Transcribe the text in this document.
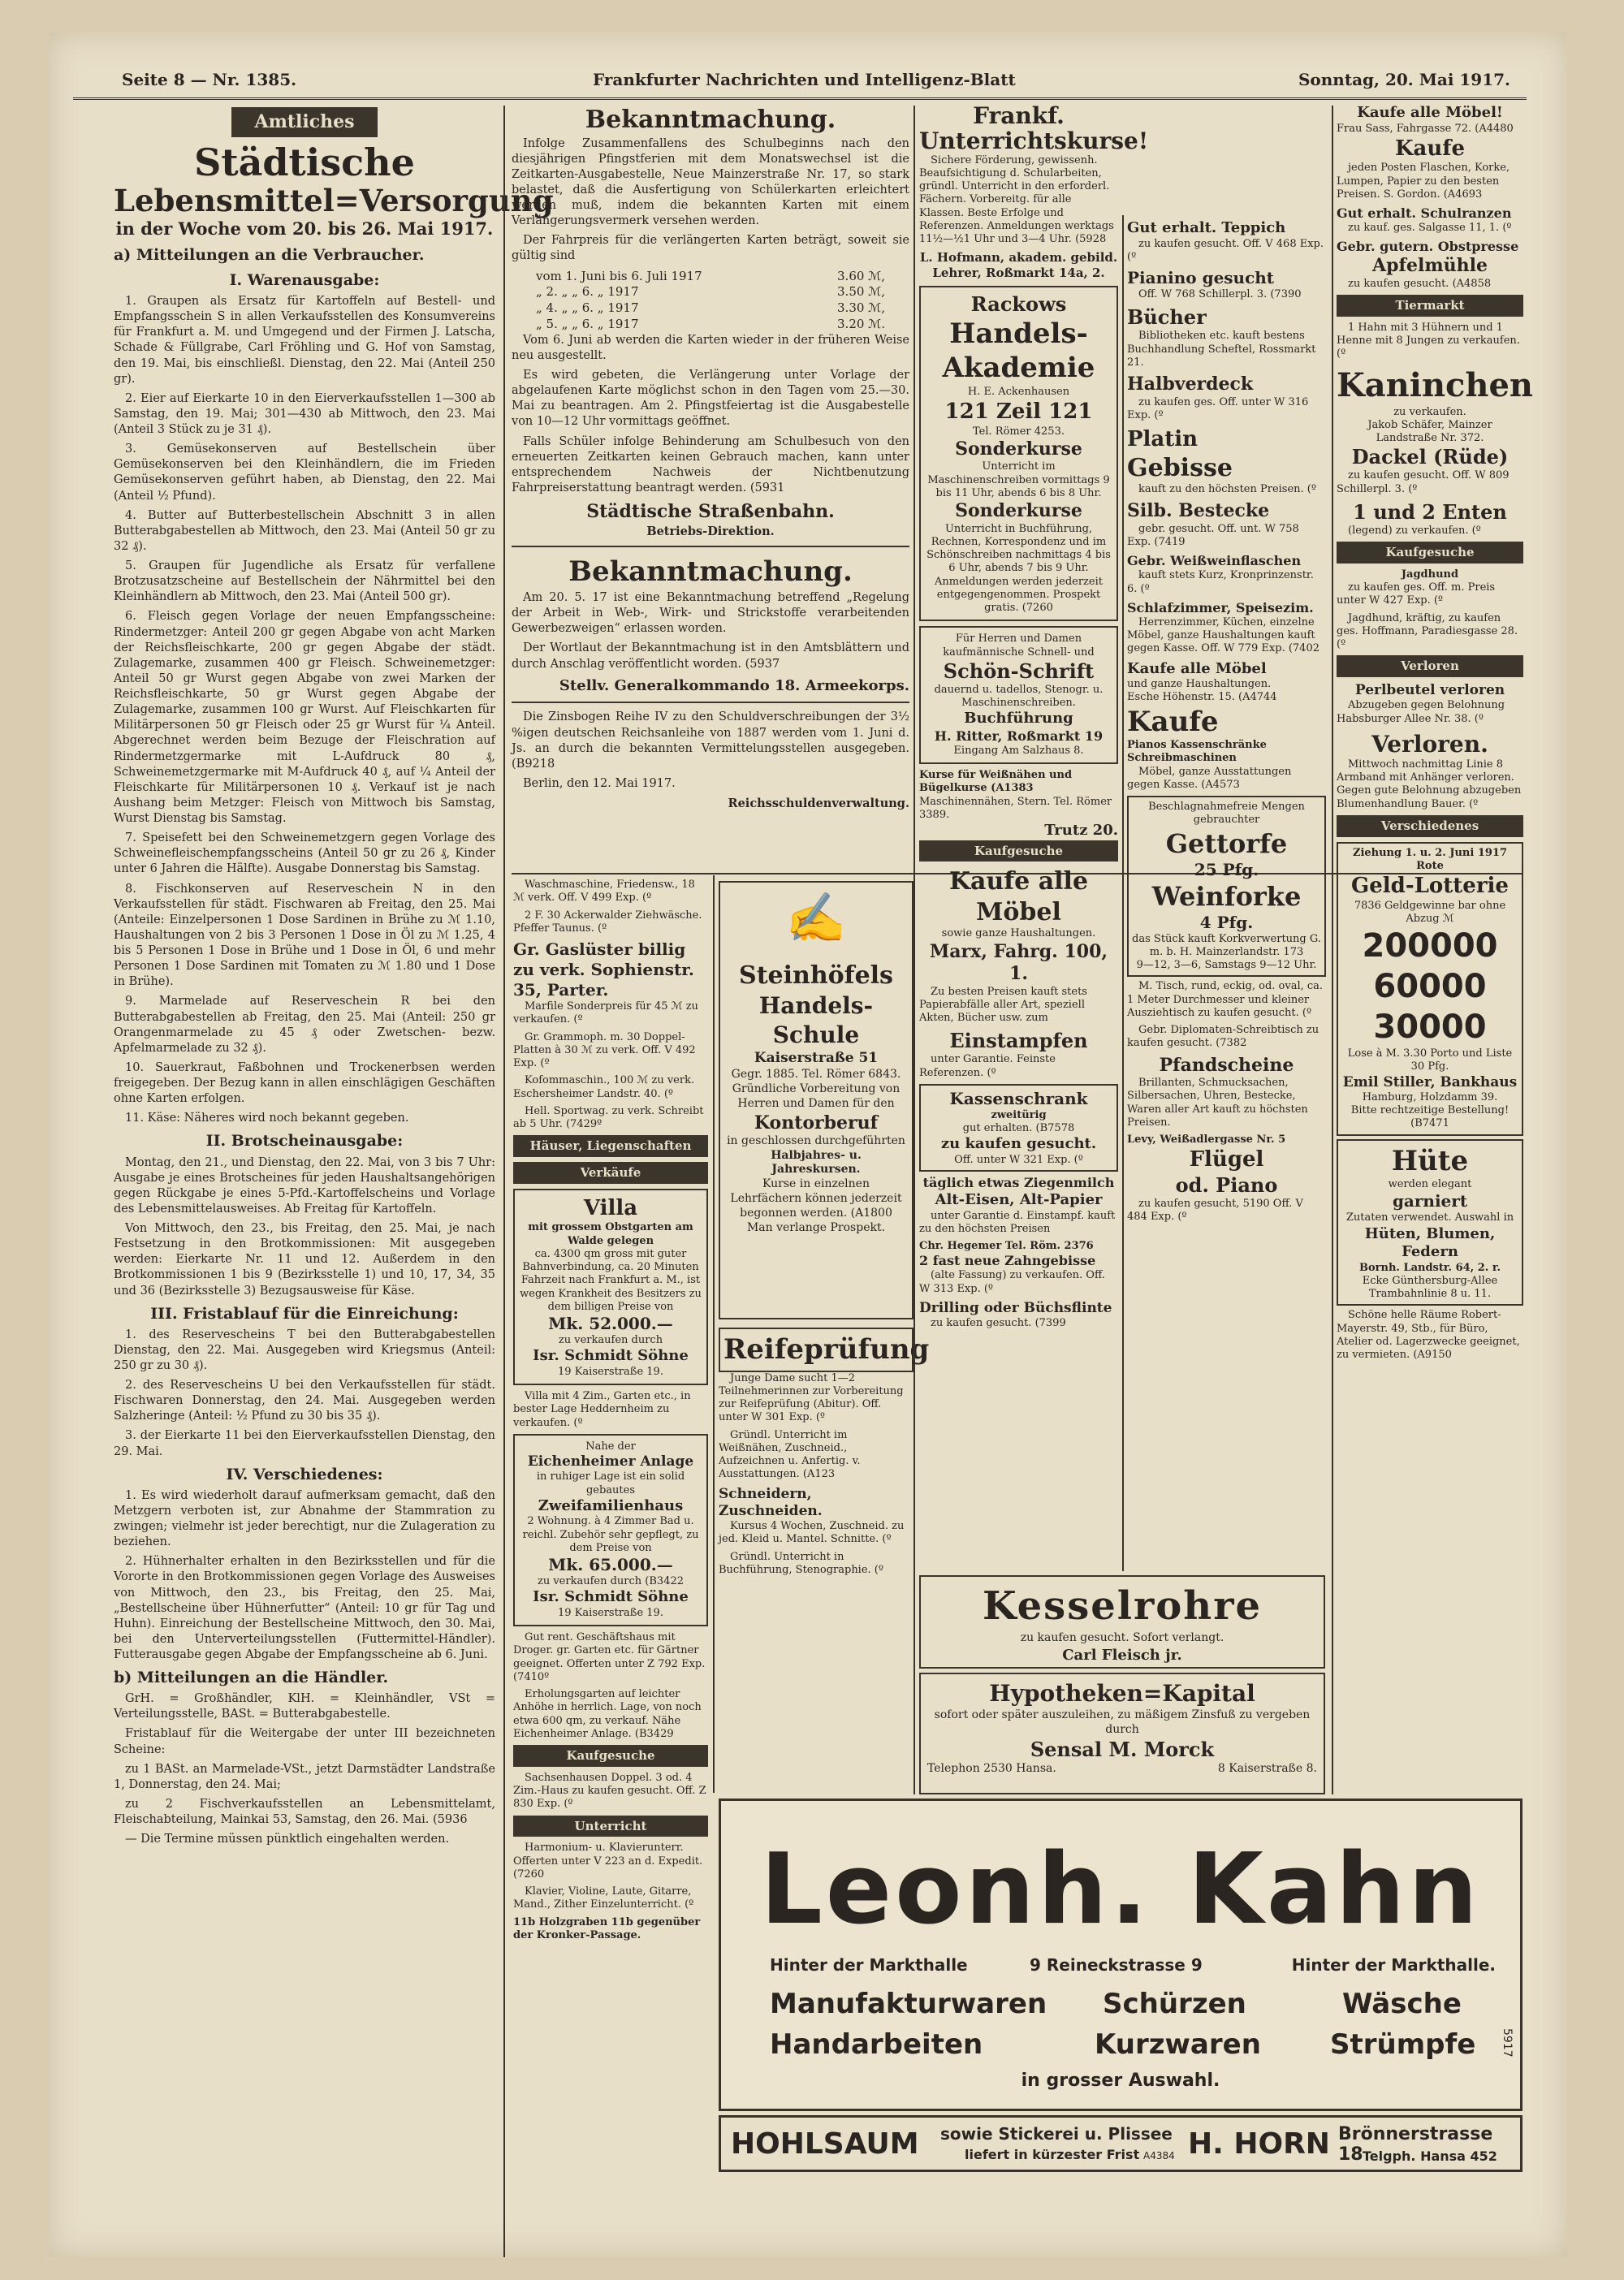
Seite 8 — Nr. 1385.	Frankfurter Nachrichten und Intelligenz-Blatt	Sonntag, 20. Mai 1917.
Amtliches
Städtische
Lebensmittel=Versorgung
in der Woche vom 20. bis 26. Mai 1917.
a) Mitteilungen an die Verbraucher.
I. Warenausgabe:

1. Graupen als Ersatz für Kartoffeln auf Bestell- und Empfangsschein S in allen Verkaufsstellen des Konsumvereins für Frankfurt a. M. und Umgegend und der Firmen J. Latscha, Schade & Füllgrabe, Carl Fröhling und G. Hof von Samstag, den 19. Mai, bis einschließl. Dienstag, den 22. Mai (Anteil 250 gr).

2. Eier auf Eierkarte 10 in den Eierverkaufsstellen 1—300 ab Samstag, den 19. Mai; 301—430 ab Mittwoch, den 23. Mai (Anteil 3 Stück zu je 31 ₰).

3. Gemüsekonserven auf Bestellschein über Gemüsekonserven bei den Kleinhändlern, die im Frieden Gemüsekonserven geführt haben, ab Dienstag, den 22. Mai (Anteil ½ Pfund).

4. Butter auf Butterbestellschein Abschnitt 3 in allen Butterabgabestellen ab Mittwoch, den 23. Mai (Anteil 50 gr zu 32 ₰).

5. Graupen für Jugendliche als Ersatz für verfallene Brotzusatzscheine auf Bestellschein der Nährmittel bei den Kleinhändlern ab Mittwoch, den 23. Mai (Anteil 500 gr).

6. Fleisch gegen Vorlage der neuen Empfangsscheine: Rindermetzger: Anteil 200 gr gegen Abgabe von acht Marken der Reichsfleischkarte, 200 gr gegen Abgabe der städt. Zulagemarke, zusammen 400 gr Fleisch. Schweinemetzger: Anteil 50 gr Wurst gegen Abgabe von zwei Marken der Reichsfleischkarte, 50 gr Wurst gegen Abgabe der Zulagemarke, zusammen 100 gr Wurst. Auf Fleischkarten für Militärpersonen 50 gr Fleisch oder 25 gr Wurst für ¼ Anteil. Abgerechnet werden beim Bezuge der Fleischration auf Rindermetzgermarke mit L-Aufdruck 80 ₰, Schweinemetzgermarke mit M-Aufdruck 40 ₰, auf ¼ Anteil der Fleischkarte für Militärpersonen 10 ₰. Verkauf ist je nach Aushang beim Metzger: Fleisch von Mittwoch bis Samstag, Wurst Dienstag bis Samstag.

7. Speisefett bei den Schweinemetzgern gegen Vorlage des Schweinefleischempfangsscheins (Anteil 50 gr zu 26 ₰, Kinder unter 6 Jahren die Hälfte). Ausgabe Donnerstag bis Samstag.

8. Fischkonserven auf Reserveschein N in den Verkaufsstellen für städt. Fischwaren ab Freitag, den 25. Mai (Anteile: Einzelpersonen 1 Dose Sardinen in Brühe zu ℳ 1.10, Haushaltungen von 2 bis 3 Personen 1 Dose in Öl zu ℳ 1.25, 4 bis 5 Personen 1 Dose in Brühe und 1 Dose in Öl, 6 und mehr Personen 1 Dose Sardinen mit Tomaten zu ℳ 1.80 und 1 Dose in Brühe).

9. Marmelade auf Reserveschein R bei den Butterabgabestellen ab Freitag, den 25. Mai (Anteil: 250 gr Orangenmarmelade zu 45 ₰ oder Zwetschen- bezw. Apfelmarmelade zu 32 ₰).

10. Sauerkraut, Faßbohnen und Trockenerbsen werden freigegeben. Der Bezug kann in allen einschlägigen Geschäften ohne Karten erfolgen.

11. Käse: Näheres wird noch bekannt gegeben.

II. Brotscheinausgabe:

Montag, den 21., und Dienstag, den 22. Mai, von 3 bis 7 Uhr: Ausgabe je eines Brotscheines für jeden Haushaltsangehörigen gegen Rückgabe je eines 5-Pfd.-Kartoffelscheins und Vorlage des Lebensmittelausweises. Ab Freitag für Kartoffeln.

Von Mittwoch, den 23., bis Freitag, den 25. Mai, je nach Festsetzung in den Brotkommissionen: Mit ausgegeben werden: Eierkarte Nr. 11 und 12. Außerdem in den Brotkommissionen 1 bis 9 (Bezirksstelle 1) und 10, 17, 34, 35 und 36 (Bezirksstelle 3) Bezugsausweise für Käse.

III. Fristablauf für die Einreichung:

1. des Reservescheins T bei den Butterabgabestellen Dienstag, den 22. Mai. Ausgegeben wird Kriegsmus (Anteil: 250 gr zu 30 ₰).

2. des Reservescheins U bei den Verkaufsstellen für städt. Fischwaren Donnerstag, den 24. Mai. Ausgegeben werden Salzheringe (Anteil: ½ Pfund zu 30 bis 35 ₰).

3. der Eierkarte 11 bei den Eierverkaufsstellen Dienstag, den 29. Mai.

IV. Verschiedenes:

1. Es wird wiederholt darauf aufmerksam gemacht, daß den Metzgern verboten ist, zur Abnahme der Stammration zu zwingen; vielmehr ist jeder berechtigt, nur die Zulageration zu beziehen.

2. Hühnerhalter erhalten in den Bezirksstellen und für die Vororte in den Brotkommissionen gegen Vorlage des Ausweises von Mittwoch, den 23., bis Freitag, den 25. Mai, „Bestellscheine über Hühnerfutter“ (Anteil: 10 gr für Tag und Huhn). Einreichung der Bestellscheine Mittwoch, den 30. Mai, bei den Unterverteilungsstellen (Futtermittel-Händler). Futterausgabe gegen Abgabe der Empfangsscheine ab 6. Juni.

b) Mitteilungen an die Händler.

GrH. = Großhändler, KlH. = Kleinhändler, VSt = Verteilungsstelle, BASt. = Butterabgabestelle.

Fristablauf für die Weitergabe der unter III bezeichneten Scheine:

zu 1 BASt. an Marmelade-VSt., jetzt Darmstädter Landstraße 1, Donnerstag, den 24. Mai;

zu 2 Fischverkaufsstellen an Lebensmittelamt, Fleischabteilung, Mainkai 53, Samstag, den 26. Mai. (5936

— Die Termine müssen pünktlich eingehalten werden.

Bekanntmachung.

Infolge Zusammenfallens des Schulbeginns nach den diesjährigen Pfingstferien mit dem Monatswechsel ist die Zeitkarten-Ausgabestelle, Neue Mainzerstraße Nr. 17, so stark belastet, daß die Ausfertigung von Schülerkarten erleichtert werden muß, indem die bekannten Karten mit einem Verlängerungsvermerk versehen werden.

Der Fahrpreis für die verlängerten Karten beträgt, soweit sie gültig sind

vom 1. Juni bis 6. Juli 1917	3.60 ℳ,
„ 2. „ „ 6. „ 1917	3.50 ℳ,
„ 4. „ „ 6. „ 1917	3.30 ℳ,
„ 5. „ „ 6. „ 1917	3.20 ℳ.

Vom 6. Juni ab werden die Karten wieder in der früheren Weise neu ausgestellt.

Es wird gebeten, die Verlängerung unter Vorlage der abgelaufenen Karte möglichst schon in den Tagen vom 25.—30. Mai zu beantragen. Am 2. Pfingstfeiertag ist die Ausgabestelle von 10—12 Uhr vormittags geöffnet.

Falls Schüler infolge Behinderung am Schulbesuch von den erneuerten Zeitkarten keinen Gebrauch machen, kann unter entsprechendem Nachweis der Nichtbenutzung Fahrpreiserstattung beantragt werden. (5931

Städtische Straßenbahn.
Betriebs-Direktion.
Bekanntmachung.

Am 20. 5. 17 ist eine Bekanntmachung betreffend „Regelung der Arbeit in Web-, Wirk- und Strickstoffe verarbeitenden Gewerbezweigen“ erlassen worden.

Der Wortlaut der Bekanntmachung ist in den Amtsblättern und durch Anschlag veröffentlicht worden. (5937

Stellv. Generalkommando 18. Armeekorps.

Die Zinsbogen Reihe IV zu den Schuldverschreibungen der 3½ %igen deutschen Reichsanleihe von 1887 werden vom 1. Juni d. Js. an durch die bekannten Vermittelungsstellen ausgegeben. (B9218

Berlin, den 12. Mai 1917.

Reichsschuldenverwaltung.

Waschmaschine, Friedensw., 18 ℳ verk. Off. V 499 Exp. (º

2 F. 30 Ackerwalder Ziehwäsche. Pfeffer Taunus. (º

Gr. Gaslüster billig zu verk. Sophienstr. 35, Parter.

Marfile Sonderpreis für 45 ℳ zu verkaufen. (º

Gr. Grammoph. m. 30 Doppel-Platten à 30 ℳ zu verk. Off. V 492 Exp. (º

Kofommaschin., 100 ℳ zu verk. Eschersheimer Landstr. 40. (º

Hell. Sportwag. zu verk. Schreibt ab 5 Uhr. (7429º

Häuser, Liegenschaften
Verkäufe
Villa
mit grossem Obstgarten am Walde gelegen
ca. 4300 qm gross mit guter Bahnverbindung, ca. 20 Minuten Fahrzeit nach Frankfurt a. M., ist wegen Krankheit des Besitzers zu dem billigen Preise von
Mk. 52.000.—
zu verkaufen durch
Isr. Schmidt Söhne
19 Kaiserstraße 19.

Villa mit 4 Zim., Garten etc., in bester Lage Heddernheim zu verkaufen. (º

Nahe der
Eichenheimer Anlage
in ruhiger Lage ist ein solid gebautes
Zweifamilienhaus
2 Wohnung. à 4 Zimmer Bad u. reichl. Zubehör sehr gepflegt, zu dem Preise von
Mk. 65.000.—
zu verkaufen durch (B3422
Isr. Schmidt Söhne
19 Kaiserstraße 19.

Gut rent. Geschäftshaus mit Droger. gr. Garten etc. für Gärtner geeignet. Offerten unter Z 792 Exp. (7410º

Erholungsgarten auf leichter Anhöhe in herrlich. Lage, von noch etwa 600 qm, zu verkauf. Nähe Eichenheimer Anlage. (B3429

Kaufgesuche

Sachsenhausen Doppel. 3 od. 4 Zim.-Haus zu kaufen gesucht. Off. Z 830 Exp. (º

Unterricht

Harmonium- u. Klavierunterr. Offerten unter V 223 an d. Expedit. (7260

Klavier, Violine, Laute, Gitarre, Mand., Zither Einzelunterricht. (º

11b Holzgraben 11b gegenüber der Kronker-Passage.
✍
Steinhöfels
Handels-Schule
Kaiserstraße 51
Gegr. 1885. Tel. Römer 6843. Gründliche Vorbereitung von Herren und Damen für den
Kontorberuf
in geschlossen durchgeführten
Halbjahres- u. Jahreskursen.
Kurse in einzelnen Lehrfächern können jederzeit begonnen werden. (A1800 Man verlange Prospekt.
Reifeprüfung

Junge Dame sucht 1—2 Teilnehmerinnen zur Vorbereitung zur Reifeprüfung (Abitur). Off. unter W 301 Exp. (º

Gründl. Unterricht im Weißnähen, Zuschneid., Aufzeichnen u. Anfertig. v. Ausstattungen. (A123

Schneidern, Zuschneiden.

Kursus 4 Wochen, Zuschneid. zu jed. Kleid u. Mantel. Schnitte. (º

Gründl. Unterricht in Buchführung, Stenographie. (º

Frankf. Unterrichtskurse!

Sichere Förderung, gewissenh. Beaufsichtigung d. Schularbeiten, gründl. Unterricht in den erforderl. Fächern. Vorbereitg. für alle Klassen. Beste Erfolge und Referenzen. Anmeldungen werktags 11½—½1 Uhr und 3—4 Uhr. (5928

L. Hofmann, akadem. gebild. Lehrer, Roßmarkt 14a, 2.
Rackows
Handels-
Akademie
H. E. Ackenhausen
121 Zeil 121
Tel. Römer 4253.
Sonderkurse
Unterricht im Maschinenschreiben vormittags 9 bis 11 Uhr, abends 6 bis 8 Uhr.
Sonderkurse
Unterricht in Buchführung, Rechnen, Korrespondenz und im Schönschreiben nachmittags 4 bis 6 Uhr, abends 7 bis 9 Uhr.
Anmeldungen werden jederzeit entgegengenommen. Prospekt gratis. (7260
Für Herren und Damen kaufmännische Schnell- und
Schön-Schrift
dauernd u. tadellos, Stenogr. u. Maschinenschreiben.
Buchführung
H. Ritter, Roßmarkt 19
Eingang Am Salzhaus 8.
Kurse für Weißnähen und Bügelkurse (A1383
Maschinennähen, Stern. Tel. Römer 3389.
Trutz 20.
Kaufgesuche
Kaufe alle Möbel
sowie ganze Haushaltungen.
Marx, Fahrg. 100, 1.

Zu besten Preisen kauft stets Papierabfälle aller Art, speziell Akten, Bücher usw. zum

Einstampfen

unter Garantie. Feinste Referenzen. (º

Kassenschrank
zweitürig
gut erhalten. (B7578
zu kaufen gesucht.
Off. unter W 321 Exp. (º
täglich etwas Ziegenmilch
Alt-Eisen, Alt-Papier

unter Garantie d. Einstampf. kauft zu den höchsten Preisen

Chr. Hegemer Tel. Röm. 2376
2 fast neue Zahngebisse

(alte Fassung) zu verkaufen. Off. W 313 Exp. (º

Drilling oder Büchsflinte

zu kaufen gesucht. (7399

Kesselrohre
zu kaufen gesucht. Sofort verlangt.
Carl Fleisch jr.
Hypotheken=Kapital
sofort oder später auszuleihen, zu mäßigem Zinsfuß zu vergeben durch
Sensal M. Morck
Telephon 2530 Hansa.	8 Kaiserstraße 8.
Gut erhalt. Teppich

zu kaufen gesucht. Off. V 468 Exp. (º

Pianino gesucht

Off. W 768 Schillerpl. 3. (7390

Bücher

Bibliotheken etc. kauft bestens Buchhandlung Scheftel, Rossmarkt 21.

Halbverdeck

zu kaufen ges. Off. unter W 316 Exp. (º

Platin
Gebisse

kauft zu den höchsten Preisen. (º

Silb. Bestecke

gebr. gesucht. Off. unt. W 758 Exp. (7419

Gebr. Weißweinflaschen

kauft stets Kurz, Kronprinzenstr. 6. (º

Schlafzimmer, Speisezim.

Herrenzimmer, Küchen, einzelne Möbel, ganze Haushaltungen kauft gegen Kasse. Off. W 779 Exp. (7402

Kaufe alle Möbel
und ganze Haushaltungen.
Esche Höhenstr. 15. (A4744
Kaufe
Pianos Kassenschränke Schreibmaschinen

Möbel, ganze Ausstattungen gegen Kasse. (A4573

Beschlagnahmefreie Mengen gebrauchter
Gettorfe
25 Pfg.
Weinforke
4 Pfg.
das Stück kauft Korkverwertung G. m. b. H. Mainzerlandstr. 173
9—12, 3—6, Samstags 9—12 Uhr.

M. Tisch, rund, eckig, od. oval, ca. 1 Meter Durchmesser und kleiner Ausziehtisch zu kaufen gesucht. (º

Gebr. Diplomaten-Schreibtisch zu kaufen gesucht. (7382

Pfandscheine

Brillanten, Schmucksachen, Silbersachen, Uhren, Bestecke, Waren aller Art kauft zu höchsten Preisen.

Levy, Weißadlergasse Nr. 5
Flügel
od. Piano

zu kaufen gesucht, 5190 Off. V 484 Exp. (º

Kaufe alle Möbel!
Frau Sass, Fahrgasse 72. (A4480
Kaufe

jeden Posten Flaschen, Korke, Lumpen, Papier zu den besten Preisen. S. Gordon. (A4693

Gut erhalt. Schulranzen

zu kauf. ges. Salgasse 11, 1. (º

Gebr. gutern. Obstpresse
Apfelmühle

zu kaufen gesucht. (A4858

Tiermarkt

1 Hahn mit 3 Hühnern und 1 Henne mit 8 Jungen zu verkaufen. (º

Kaninchen
zu verkaufen.
Jakob Schäfer, Mainzer Landstraße Nr. 372.
Dackel (Rüde)

zu kaufen gesucht. Off. W 809 Schillerpl. 3. (º

1 und 2 Enten

(legend) zu verkaufen. (º

Kaufgesuche
Jagdhund

zu kaufen ges. Off. m. Preis unter W 427 Exp. (º

Jagdhund, kräftig, zu kaufen ges. Hoffmann, Paradiesgasse 28. (º

Verloren
Perlbeutel verloren

Abzugeben gegen Belohnung Habsburger Allee Nr. 38. (º

Verloren.

Mittwoch nachmittag Linie 8 Armband mit Anhänger verloren. Gegen gute Belohnung abzugeben Blumenhandlung Bauer. (º

Verschiedenes
Ziehung 1. u. 2. Juni 1917
Rote
Geld-Lotterie
7836 Geldgewinne bar ohne Abzug ℳ
200000
60000
30000
Lose à M. 3.30 Porto und Liste 30 Pfg.
Emil Stiller, Bankhaus
Hamburg, Holzdamm 39.
Bitte rechtzeitige Bestellung! (B7471
Hüte
werden elegant
garniert
Zutaten verwendet. Auswahl in
Hüten, Blumen, Federn
Bornh. Landstr. 64, 2. r.
Ecke Günthersburg-Allee Trambahnlinie 8 u. 11.

Schöne helle Räume Robert-Mayerstr. 49, Stb., für Büro, Atelier od. Lagerzwecke geeignet, zu vermieten. (A9150

Leonh. Kahn
Hinter der Markthalle	9 Reineckstrasse 9	Hinter der Markthalle.
Manufakturwaren Schürzen	Wäsche
Handarbeiten	Kurzwaren	Strümpfe
in grosser Auswahl.
5917
HOHLSAUM sowie Stickerei u. Plissee
liefert in kürzester Frist A4384 H. HORN Brönnerstrasse 18 Telgph. Hansa 452
